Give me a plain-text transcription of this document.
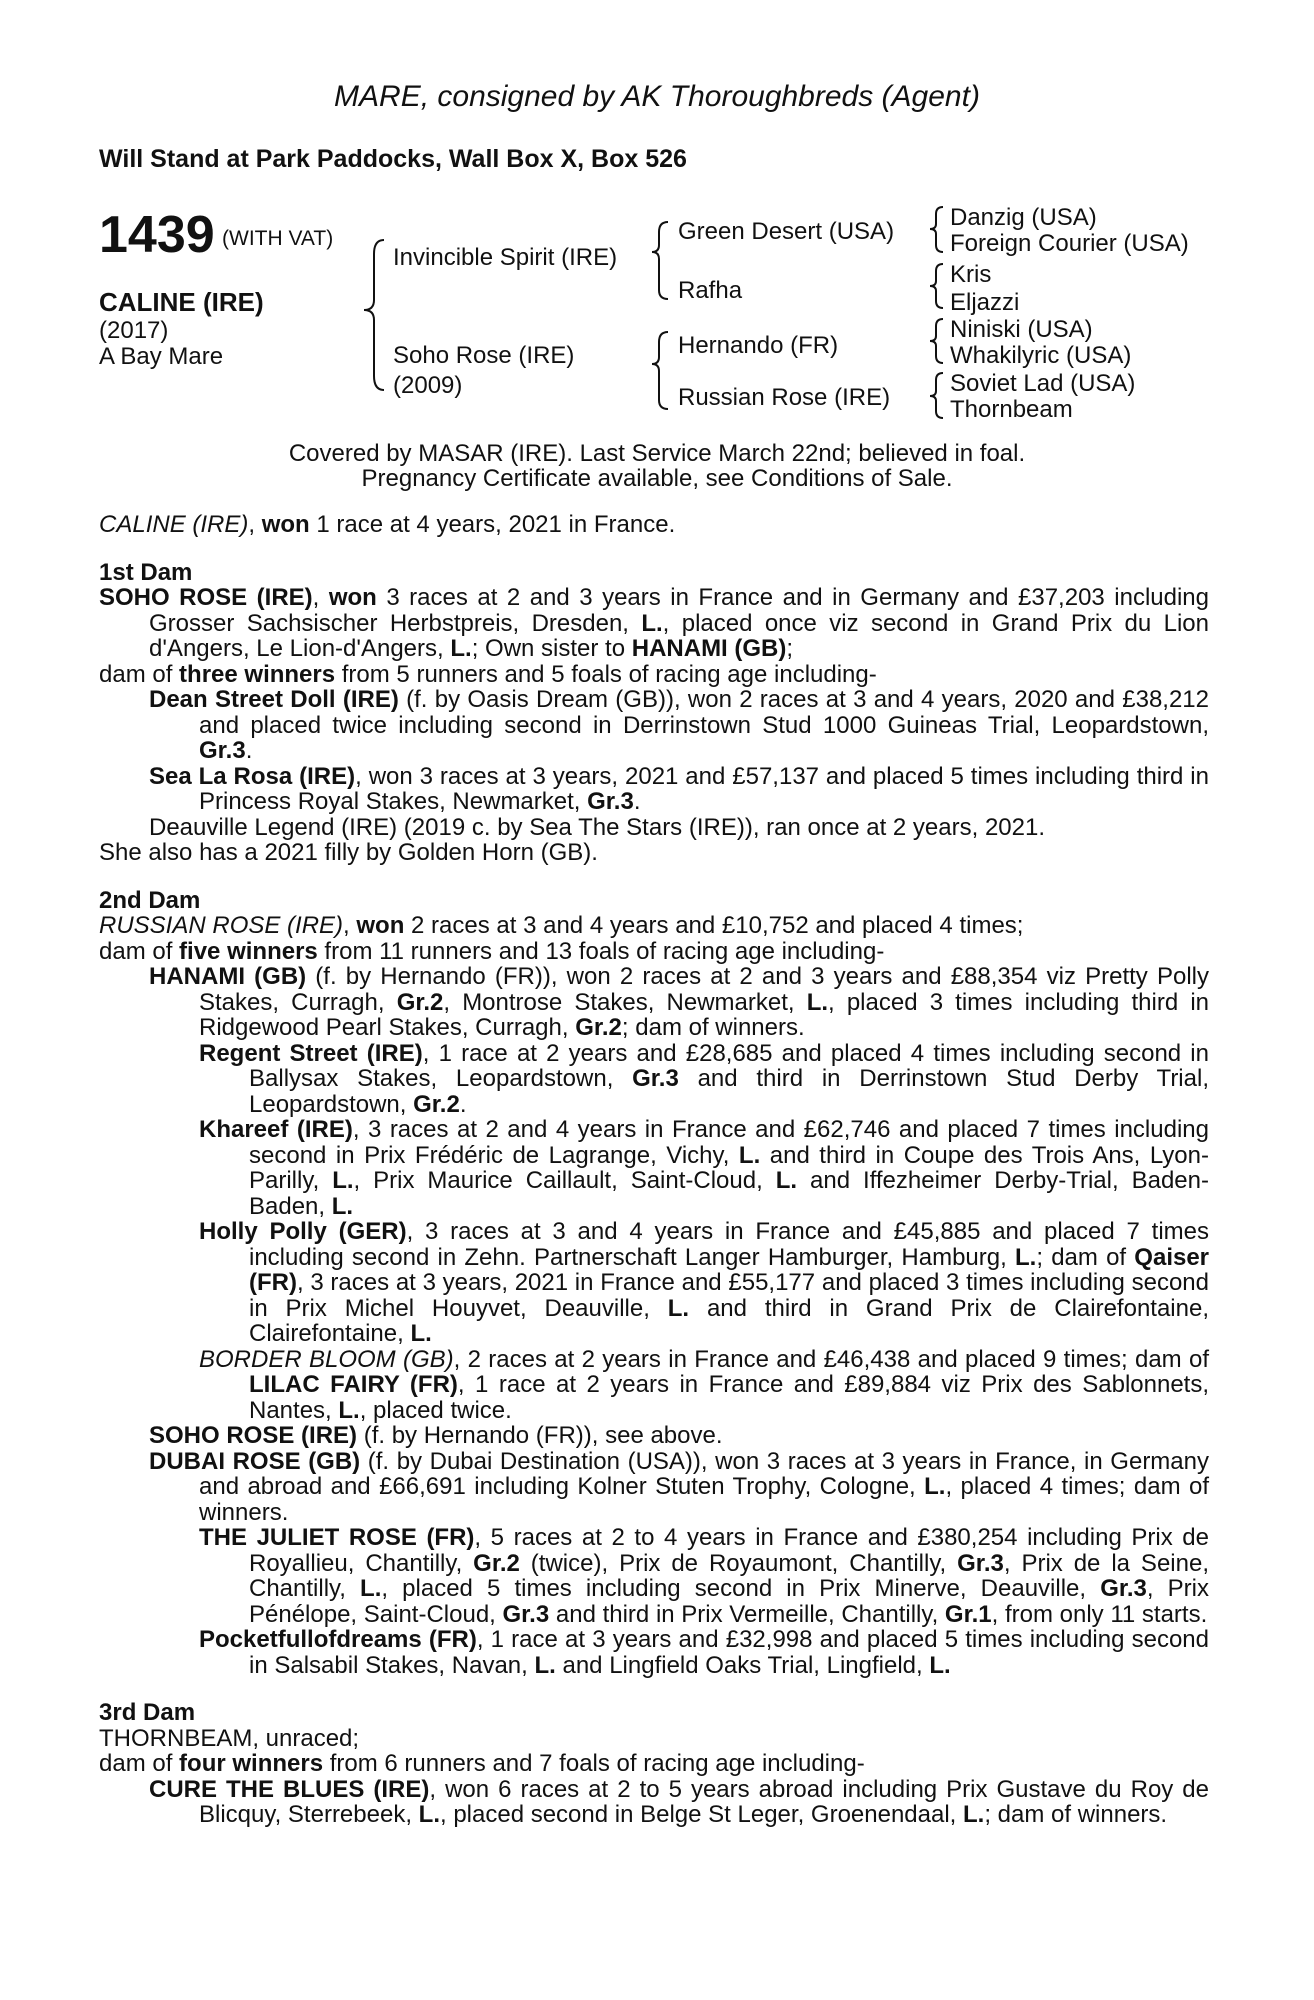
MARE, consigned by AK Thoroughbreds (Agent)
Will Stand at Park Paddocks, Wall Box X, Box 526
1439 (WITH VAT)
CALINE (IRE)
(2017)
A Bay Mare
Invincible Spirit (IRE)
Soho Rose (IRE)
(2009)
Green Desert (USA)
Rafha
Hernando (FR)
Russian Rose (IRE)
Danzig (USA)
Foreign Courier (USA)
Kris
Eljazzi
Niniski (USA)
Whakilyric (USA)
Soviet Lad (USA)
Thornbeam
Covered by MASAR (IRE). Last Service March 22nd; believed in foal.
Pregnancy Certificate available, see Conditions of Sale.

CALINE (IRE), won 1 race at 4 years, 2021 in France.

1st Dam

SOHO ROSE (IRE), won 3 races at 2 and 3 years in France and in Germany and £37,203 including Grosser Sachsischer Herbstpreis, Dresden, L., placed once viz second in Grand Prix du Lion d'Angers, Le Lion-d'Angers, L.; Own sister to HANAMI (GB);

dam of three winners from 5 runners and 5 foals of racing age including-

Dean Street Doll (IRE) (f. by Oasis Dream (GB)), won 2 races at 3 and 4 years, 2020 and £38,212 and placed twice including second in Derrinstown Stud 1000 Guineas Trial, Leopardstown, Gr.3.

Sea La Rosa (IRE), won 3 races at 3 years, 2021 and £57,137 and placed 5 times including third in Princess Royal Stakes, Newmarket, Gr.3.

Deauville Legend (IRE) (2019 c. by Sea The Stars (IRE)), ran once at 2 years, 2021.

She also has a 2021 filly by Golden Horn (GB).

2nd Dam

RUSSIAN ROSE (IRE), won 2 races at 3 and 4 years and £10,752 and placed 4 times;

dam of five winners from 11 runners and 13 foals of racing age including-

HANAMI (GB) (f. by Hernando (FR)), won 2 races at 2 and 3 years and £88,354 viz Pretty Polly Stakes, Curragh, Gr.2, Montrose Stakes, Newmarket, L., placed 3 times including third in Ridgewood Pearl Stakes, Curragh, Gr.2; dam of winners.

Regent Street (IRE), 1 race at 2 years and £28,685 and placed 4 times including second in Ballysax Stakes, Leopardstown, Gr.3 and third in Derrinstown Stud Derby Trial, Leopardstown, Gr.2.

Khareef (IRE), 3 races at 2 and 4 years in France and £62,746 and placed 7 times including second in Prix Frédéric de Lagrange, Vichy, L. and third in Coupe des Trois Ans, Lyon-Parilly, L., Prix Maurice Caillault, Saint-Cloud, L. and Iffezheimer Derby-Trial, Baden-Baden, L.

Holly Polly (GER), 3 races at 3 and 4 years in France and £45,885 and placed 7 times including second in Zehn. Partnerschaft Langer Hamburger, Hamburg, L.; dam of Qaiser (FR), 3 races at 3 years, 2021 in France and £55,177 and placed 3 times including second in Prix Michel Houyvet, Deauville, L. and third in Grand Prix de Clairefontaine, Clairefontaine, L.

BORDER BLOOM (GB), 2 races at 2 years in France and £46,438 and placed 9 times; dam of LILAC FAIRY (FR), 1 race at 2 years in France and £89,884 viz Prix des Sablonnets, Nantes, L., placed twice.

SOHO ROSE (IRE) (f. by Hernando (FR)), see above.

DUBAI ROSE (GB) (f. by Dubai Destination (USA)), won 3 races at 3 years in France, in Germany and abroad and £66,691 including Kolner Stuten Trophy, Cologne, L., placed 4 times; dam of winners.

THE JULIET ROSE (FR), 5 races at 2 to 4 years in France and £380,254 including Prix de Royallieu, Chantilly, Gr.2 (twice), Prix de Royaumont, Chantilly, Gr.3, Prix de la Seine, Chantilly, L., placed 5 times including second in Prix Minerve, Deauville, Gr.3, Prix Pénélope, Saint-Cloud, Gr.3 and third in Prix Vermeille, Chantilly, Gr.1, from only 11 starts.

Pocketfullofdreams (FR), 1 race at 3 years and £32,998 and placed 5 times including second in Salsabil Stakes, Navan, L. and Lingfield Oaks Trial, Lingfield, L.

3rd Dam

THORNBEAM, unraced;

dam of four winners from 6 runners and 7 foals of racing age including-

CURE THE BLUES (IRE), won 6 races at 2 to 5 years abroad including Prix Gustave du Roy de Blicquy, Sterrebeek, L., placed second in Belge St Leger, Groenendaal, L.; dam of winners.
